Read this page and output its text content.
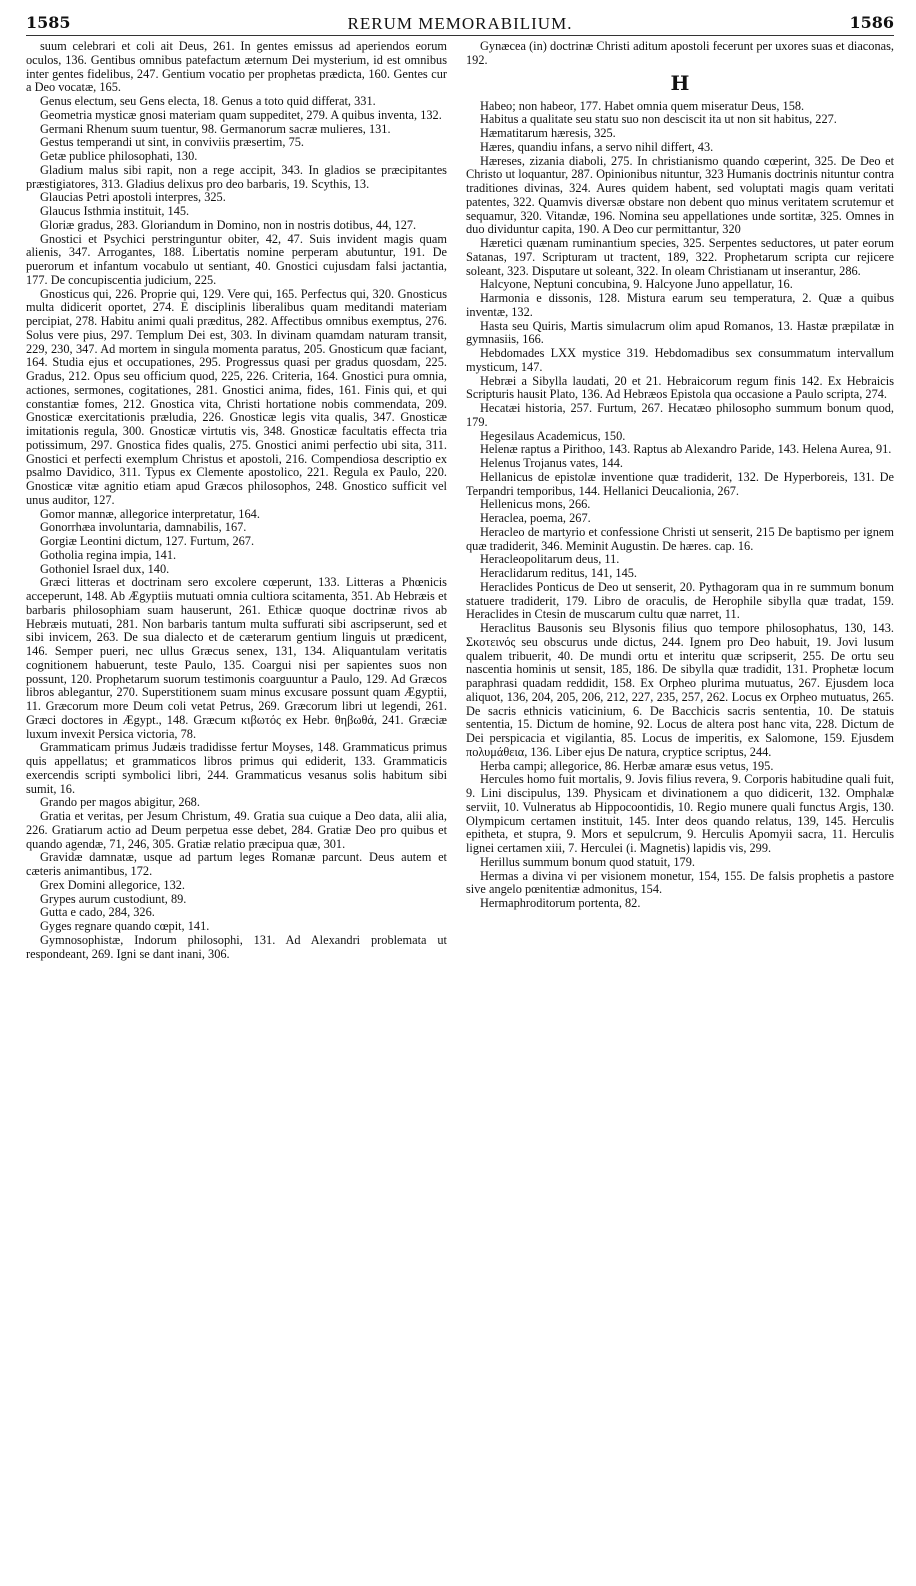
1585	RERUM MEMORABILIUM.	1586

suum celebrari et coli ait Deus, 261. In gentes emissus ad aperiendos eorum oculos, 136. Gentibus omnibus patefactum æternum Dei mysterium, id est omnibus inter gentes fidelibus, 247. Gentium vocatio per prophetas prædicta, 160. Gentes cur a Deo vocatæ, 165.

Genus electum, seu Gens electa, 18. Genus a toto quid differat, 331.

Geometria mysticæ gnosi materiam quam suppeditet, 279. A quibus inventa, 132.

Germani Rhenum suum tuentur, 98. Germanorum sacræ mulieres, 131.

Gestus temperandi ut sint, in conviviis præsertim, 75.

Getæ publice philosophati, 130.

Gladium malus sibi rapit, non a rege accipit, 343. In gladios se præcipitantes præstigiatores, 313. Gladius delixus pro deo barbaris, 19. Scythis, 13.

Glaucias Petri apostoli interpres, 325.

Glaucus Isthmia instituit, 145.

Gloriæ gradus, 283. Gloriandum in Domino, non in nostris dotibus, 44, 127.

Gnostici et Psychici perstringuntur obiter, 42, 47. Suis invident magis quam alienis, 347. Arrogantes, 188. Libertatis nomine perperam abutuntur, 191. De puerorum et infantum vocabulo ut sentiant, 40. Gnostici cujusdam falsi jactantia, 177. De concupiscentia judicium, 225.

Gnosticus qui, 226. Proprie qui, 129. Vere qui, 165. Perfectus qui, 320. Gnosticus multa didicerit oportet, 274. E disciplinis liberalibus quam meditandi materiam percipiat, 278. Habitu animi quali præditus, 282. Affectibus omnibus exemptus, 276. Solus vere pius, 297. Templum Dei est, 303. In divinam quamdam naturam transit, 229, 230, 347. Ad mortem in singula momenta paratus, 205. Gnosticum quæ faciant, 164. Studia ejus et occupationes, 295. Progressus quasi per gradus quosdam, 225. Gradus, 212. Opus seu officium quod, 225, 226. Criteria, 164. Gnostici pura omnia, actiones, sermones, cogitationes, 281. Gnostici anima, fides, 161. Finis qui, et qui constantiæ fomes, 212. Gnostica vita, Christi hortatione nobis commendata, 209. Gnosticæ exercitationis præludia, 226. Gnosticæ legis vita qualis, 347. Gnosticæ imitationis regula, 300. Gnosticæ virtutis vis, 348. Gnosticæ facultatis effecta tria potissimum, 297. Gnostica fides qualis, 275. Gnostici animi perfectio ubi sita, 311. Gnostici et perfecti exemplum Christus et apostoli, 216. Compendiosa descriptio ex psalmo Davidico, 311. Typus ex Clemente apostolico, 221. Regula ex Paulo, 220. Gnosticæ vitæ agnitio etiam apud Græcos philosophos, 248. Gnostico sufficit vel unus auditor, 127.

Gomor mannæ, allegorice interpretatur, 164.

Gonorrhæa involuntaria, damnabilis, 167.

Gorgiæ Leontini dictum, 127. Furtum, 267.

Gotholia regina impia, 141.

Gothoniel Israel dux, 140.

Græci litteras et doctrinam sero excolere cœperunt, 133. Litteras a Phœnicis acceperunt, 148. Ab Ægyptiis mutuati omnia cultiora scitamenta, 351. Ab Hebræis et barbaris philosophiam suam hauserunt, 261. Ethicæ quoque doctrinæ rivos ab Hebræis mutuati, 281. Non barbaris tantum multa suffurati sibi ascripserunt, sed et sibi invicem, 263. De sua dialecto et de cæterarum gentium linguis ut prædicent, 146. Semper pueri, nec ullus Græcus senex, 131, 134. Aliquantulam veritatis cognitionem habuerunt, teste Paulo, 135. Coargui nisi per sapientes suos non possunt, 120. Prophetarum suorum testimonis coarguuntur a Paulo, 129. Ad Græcos libros ablegantur, 270. Superstitionem suam minus excusare possunt quam Ægyptii, 11. Græcorum more Deum coli vetat Petrus, 269. Græcorum libri ut legendi, 261. Græci doctores in Ægypt., 148. Græcum κιβωτός ex Hebr. θηβωθά, 241. Græciæ luxum invexit Persica victoria, 78.

Grammaticam primus Judæis tradidisse fertur Moyses, 148. Grammaticus primus quis appellatus; et grammaticos libros primus qui ediderit, 133. Grammaticis exercendis scripti symbolici libri, 244. Grammaticus vesanus solis habitum sibi sumit, 16.

Grando per magos abigitur, 268.

Gratia et veritas, per Jesum Christum, 49. Gratia sua cuique a Deo data, alii alia, 226. Gratiarum actio ad Deum perpetua esse debet, 284. Gratiæ Deo pro quibus et quando agendæ, 71, 246, 305. Gratiæ relatio præcipua quæ, 301.

Gravidæ damnatæ, usque ad partum leges Romanæ parcunt. Deus autem et cæteris animantibus, 172.

Grex Domini allegorice, 132.

Grypes aurum custodiunt, 89.

Gutta e cado, 284, 326.

Gyges regnare quando cœpit, 141.

Gymnosophistæ, Indorum philosophi, 131. Ad Alexandri problemata ut respondeant, 269. Igni se dant inani, 306.

Gynæcea (in) doctrinæ Christi aditum apostoli fecerunt per uxores suas et diaconas, 192.

H

Habeo; non habeor, 177. Habet omnia quem miseratur Deus, 158.

Habitus a qualitate seu statu suo non desciscit ita ut non sit habitus, 227.

Hæmatitarum hæresis, 325.

Hæres, quandiu infans, a servo nihil differt, 43.

Hæreses, zizania diaboli, 275. In christianismo quando cœperint, 325. De Deo et Christo ut loquantur, 287. Opinionibus nituntur, 323 Humanis doctrinis nituntur contra traditiones divinas, 324. Aures quidem habent, sed voluptati magis quam veritati patentes, 322. Quamvis diversæ obstare non debent quo minus veritatem scrutemur et sequamur, 320. Vitandæ, 196. Nomina seu appellationes unde sortitæ, 325. Omnes in duo dividuntur capita, 190. A Deo cur permittantur, 320

Hæretici quænam ruminantium species, 325. Serpentes seductores, ut pater eorum Satanas, 197. Scripturam ut tractent, 189, 322. Prophetarum scripta cur rejicere soleant, 323. Disputare ut soleant, 322. In oleam Christianam ut inserantur, 286.

Halcyone, Neptuni concubina, 9. Halcyone Juno appellatur, 16.

Harmonia e dissonis, 128. Mistura earum seu temperatura, 2. Quæ a quibus inventæ, 132.

Hasta seu Quiris, Martis simulacrum olim apud Romanos, 13. Hastæ præpilatæ in gymnasiis, 166.

Hebdomades LXX mystice 319. Hebdomadibus sex consummatum intervallum mysticum, 147.

Hebræi a Sibylla laudati, 20 et 21. Hebraicorum regum finis 142. Ex Hebraicis Scripturis hausit Plato, 136. Ad Hebræos Epistola qua occasione a Paulo scripta, 274.

Hecatæi historia, 257. Furtum, 267. Hecatæo philosopho summum bonum quod, 179.

Hegesilaus Academicus, 150.

Helenæ raptus a Pirithoo, 143. Raptus ab Alexandro Paride, 143. Helena Aurea, 91.

Helenus Trojanus vates, 144.

Hellanicus de epistolæ inventione quæ tradiderit, 132. De Hyperboreis, 131. De Terpandri temporibus, 144. Hellanici Deucalionia, 267.

Hellenicus mons, 266.

Heraclea, poema, 267.

Heracleo de martyrio et confessione Christi ut senserit, 215 De baptismo per ignem quæ tradiderit, 346. Meminit Augustin. De hæres. cap. 16.

Heracleopolitarum deus, 11.

Heraclidarum reditus, 141, 145.

Heraclides Ponticus de Deo ut senserit, 20. Pythagoram qua in re summum bonum statuere tradiderit, 179. Libro de oraculis, de Herophile sibylla quæ tradat, 159. Heraclides in Ctesin de muscarum cultu quæ narret, 11.

Heraclitus Bausonis seu Blysonis filius quo tempore philosophatus, 130, 143. Σκοτεινός seu obscurus unde dictus, 244. Ignem pro Deo habuit, 19. Jovi lusum qualem tribuerit, 40. De mundi ortu et interitu quæ scripserit, 255. De ortu seu nascentia hominis ut sensit, 185, 186. De sibylla quæ tradidit, 131. Prophetæ locum paraphrasi quadam reddidit, 158. Ex Orpheo plurima mutuatus, 267. Ejusdem loca aliquot, 136, 204, 205, 206, 212, 227, 235, 257, 262. Locus ex Orpheo mutuatus, 265. De sacris ethnicis vaticinium, 6. De Bacchicis sacris sententia, 10. De statuis sententia, 15. Dictum de homine, 92. Locus de altera post hanc vita, 228. Dictum de Dei perspicacia et vigilantia, 85. Locus de imperitis, ex Salomone, 159. Ejusdem πολυμάθεια, 136. Liber ejus De natura, cryptice scriptus, 244.

Herba campi; allegorice, 86. Herbæ amaræ esus vetus, 195.

Hercules homo fuit mortalis, 9. Jovis filius revera, 9. Corporis habitudine quali fuit, 9. Lini discipulus, 139. Physicam et divinationem a quo didicerit, 132. Omphalæ serviit, 10. Vulneratus ab Hippocoontidis, 10. Regio munere quali functus Argis, 130. Olympicum certamen instituit, 145. Inter deos quando relatus, 139, 145. Herculis epitheta, et stupra, 9. Mors et sepulcrum, 9. Herculis Apomyii sacra, 11. Herculis lignei certamen xiii, 7. Herculei (i. Magnetis) lapidis vis, 299.

Herillus summum bonum quod statuit, 179.

Hermas a divina vi per visionem monetur, 154, 155. De falsis prophetis a pastore sive angelo pœnitentiæ admonitus, 154.

Hermaphroditorum portenta, 82.
